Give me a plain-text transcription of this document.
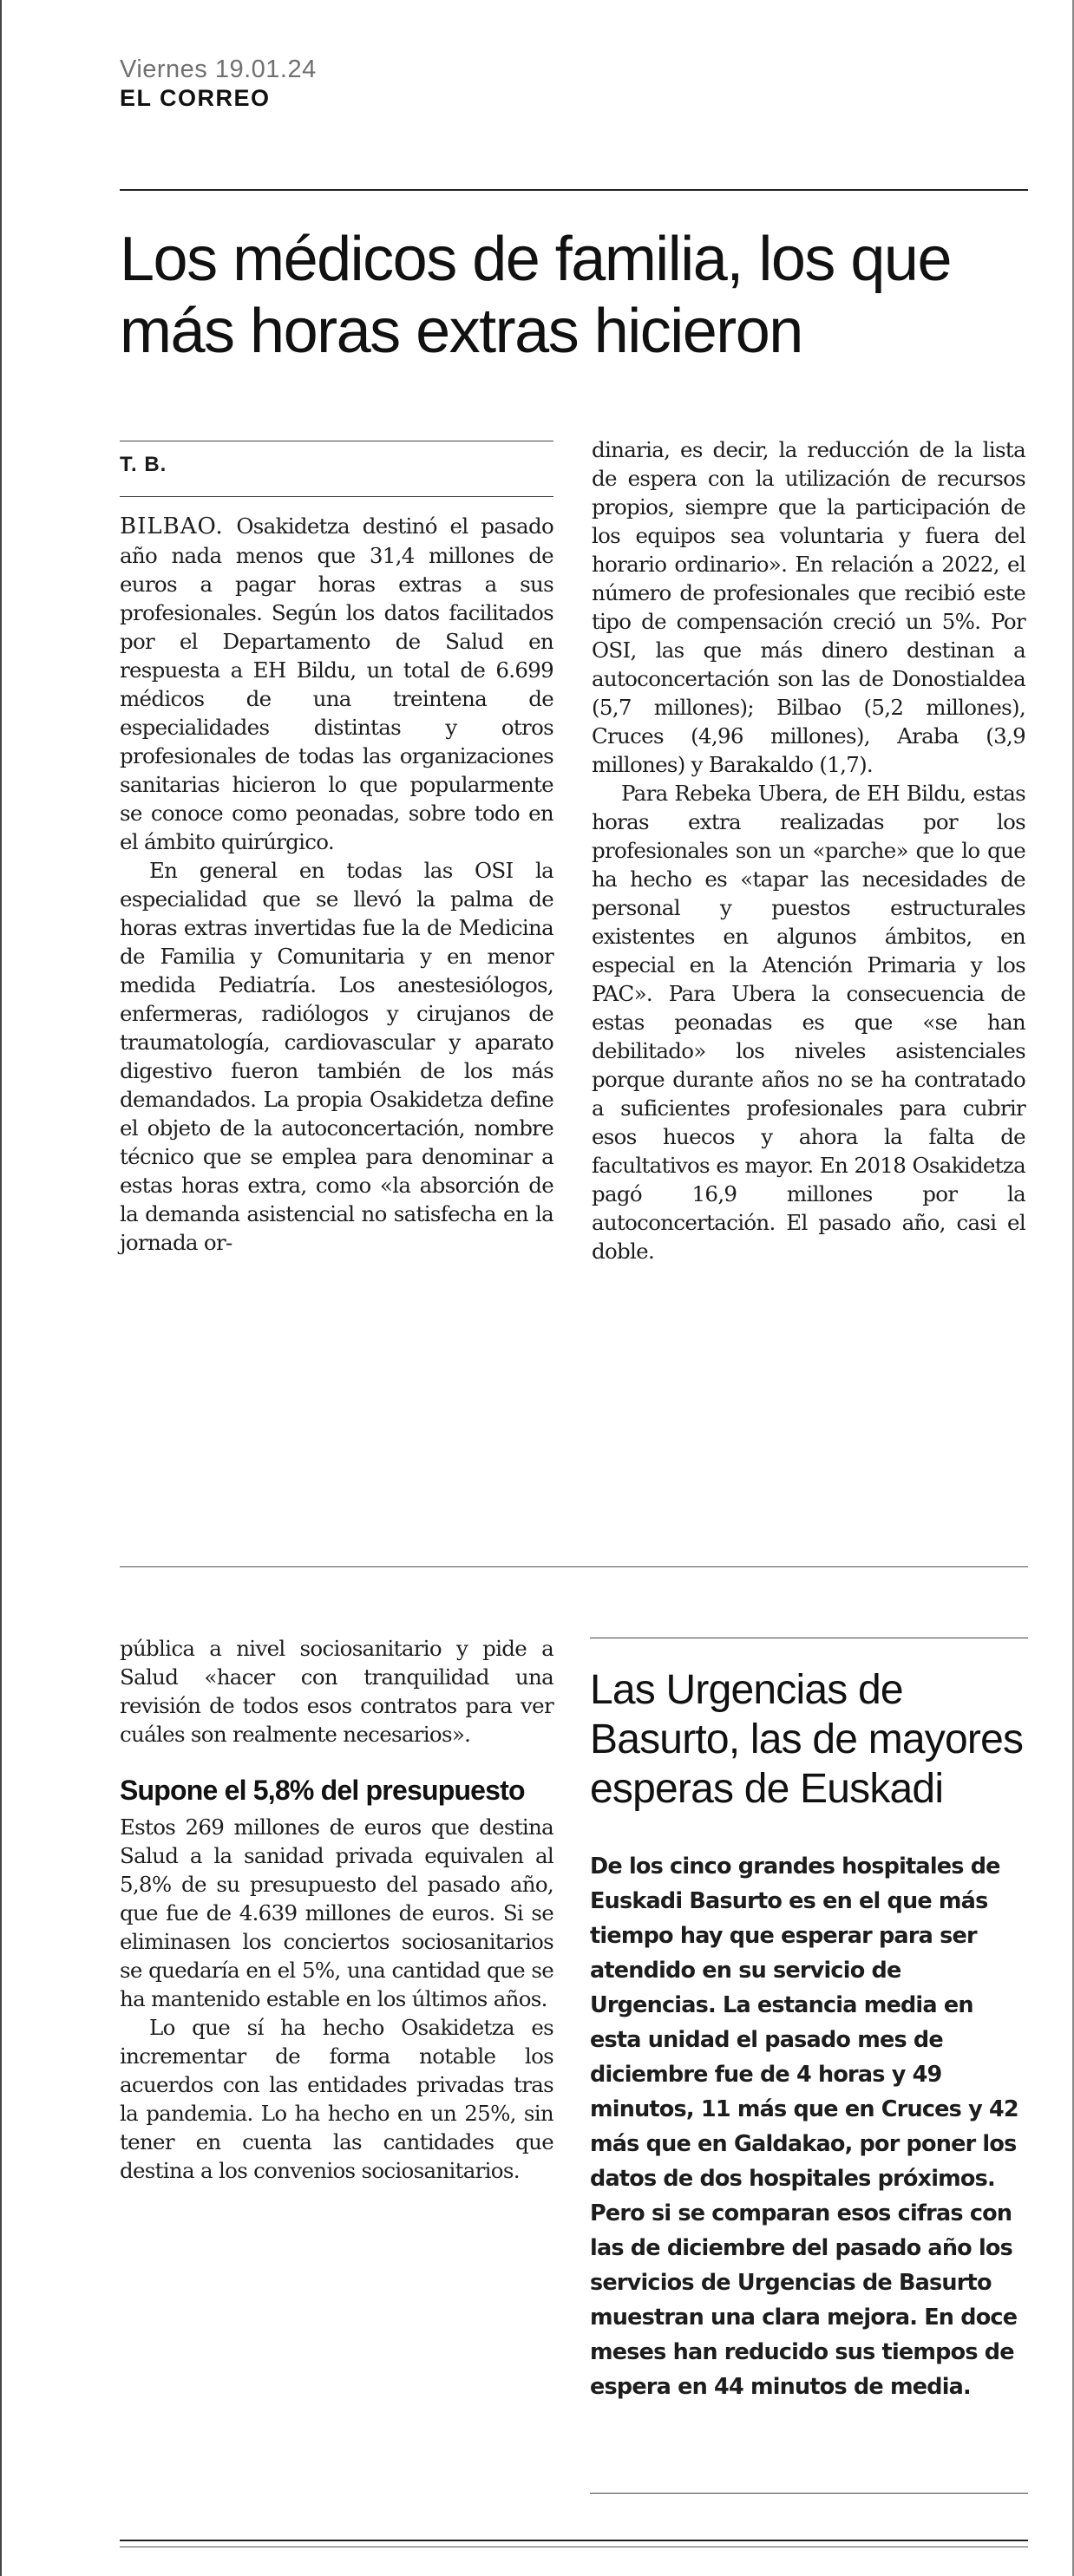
Viernes 19.01.24
EL CORREO
Los médicos de familia, los que más horas extras hicieron
T. B.

BILBAO. Osakidetza destinó el pasado año nada menos que 31,4 millones de euros a pagar horas extras a sus profesionales. Según los datos facilitados por el Departamento de Salud en respuesta a EH Bildu, un total de 6.699 médicos de una treintena de especialidades distintas y otros profesionales de todas las organizaciones sanitarias hicieron lo que popularmente se conoce como peonadas, sobre todo en el ámbito quirúrgico.

En general en todas las OSI la especialidad que se llevó la palma de horas extras invertidas fue la de Medicina de Familia y Comunitaria y en menor medida Pediatría. Los anestesiólogos, enfermeras, radiólogos y cirujanos de traumatología, cardiovascular y aparato digestivo fueron también de los más demandados. La propia Osakidetza define el objeto de la autoconcertación, nombre técnico que se emplea para denominar a estas horas extra, como «la absorción de la demanda asistencial no satisfecha en la jornada or-

dinaria, es decir, la reducción de la lista de espera con la utilización de recursos propios, siempre que la participación de los equipos sea voluntaria y fuera del horario ordinario». En relación a 2022, el número de profesionales que recibió este tipo de compensación creció un 5%. Por OSI, las que más dinero destinan a autoconcertación son las de Donostialdea (5,7 millones); Bilbao (5,2 millones), Cruces (4,96 millones), Araba (3,9 millones) y Barakaldo (1,7).

Para Rebeka Ubera, de EH Bildu, estas horas extra realizadas por los profesionales son un «parche» que lo que ha hecho es «tapar las necesidades de personal y puestos estructurales existentes en algunos ámbitos, en especial en la Atención Primaria y los PAC». Para Ubera la consecuencia de estas peonadas es que «se han debilitado» los niveles asistenciales porque durante años no se ha contratado a suficientes profesionales para cubrir esos huecos y ahora la falta de facultativos es mayor. En 2018 Osakidetza pagó 16,9 millones por la autoconcertación. El pasado año, casi el doble.

pública a nivel sociosanitario y pide a Salud «hacer con tranquilidad una revisión de todos esos contratos para ver cuáles son realmente necesarios».

Supone el 5,8% del presupuesto

Estos 269 millones de euros que destina Salud a la sanidad privada equivalen al 5,8% de su presupuesto del pasado año, que fue de 4.639 millones de euros. Si se eliminasen los conciertos sociosanitarios se quedaría en el 5%, una cantidad que se ha mantenido estable en los últimos años.

Lo que sí ha hecho Osakidetza es incrementar de forma notable los acuerdos con las entidades privadas tras la pandemia. Lo ha hecho en un 25%, sin tener en cuenta las cantidades que destina a los convenios sociosanitarios.

Las Urgencias de Basurto, las de mayores esperas de Euskadi

De los cinco grandes hospitales de Euskadi Basurto es en el que más tiempo hay que esperar para ser atendido en su servicio de Urgencias. La estancia media en esta unidad el pasado mes de diciembre fue de 4 horas y 49 minutos, 11 más que en Cruces y 42 más que en Galdakao, por poner los datos de dos hospitales próximos. Pero si se comparan esos cifras con las de diciembre del pasado año los servicios de Urgencias de Basurto muestran una clara mejora. En doce meses han reducido sus tiempos de espera en 44 minutos de media.
